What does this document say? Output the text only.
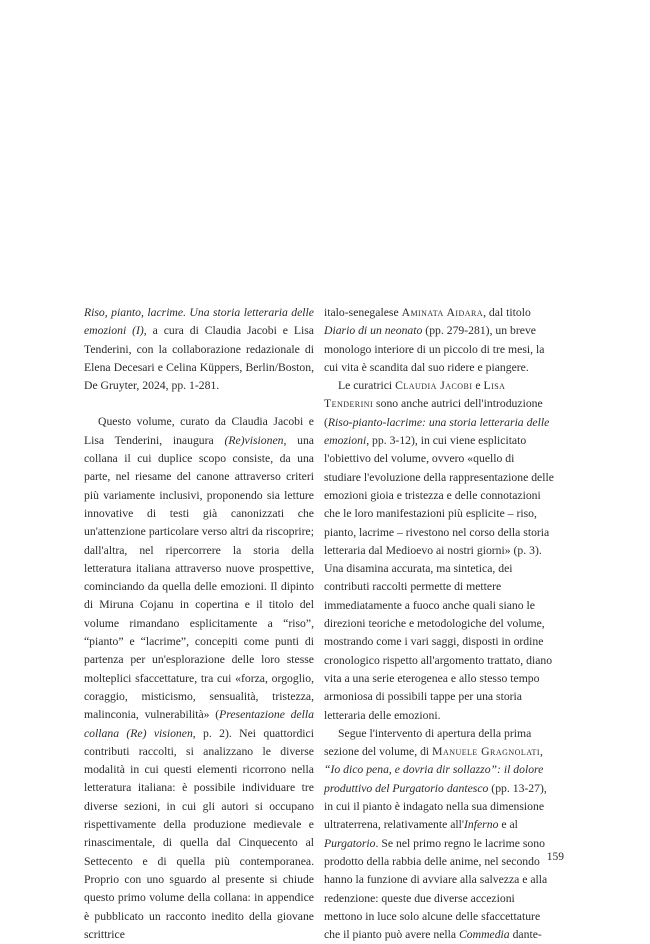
Riso, pianto, lacrime. Una storia letteraria delle emozioni (I), a cura di Claudia Jacobi e Lisa Tenderini, con la collaborazione redazionale di Elena Decesari e Celina Küppers, Berlin/Boston, De Gruyter, 2024, pp. 1-281.

Questo volume, curato da Claudia Jacobi e Lisa Tenderini, inaugura (Re)visionen, una collana il cui duplice scopo consiste, da una parte, nel riesame del canone attraverso criteri più variamente inclusivi, proponendo sia letture innovative di testi già canonizzati che un'attenzione particolare verso altri da riscoprire; dall'altra, nel ripercorrere la storia della letteratura italiana attraverso nuove prospettive, cominciando da quella delle emozioni. Il dipinto di Miruna Cojanu in copertina e il titolo del volume rimandano esplicitamente a “riso”, “pianto” e “lacrime”, concepiti come punti di partenza per un'esplorazione delle loro stesse molteplici sfaccettature, tra cui «forza, orgoglio, coraggio, misticismo, sensualità, tristezza, malinconia, vulnerabilità» (Presentazione della collana (Re) visionen, p. 2). Nei quattordici contributi raccolti, si analizzano le diverse modalità in cui questi elementi ricorrono nella letteratura italiana: è possibile individuare tre diverse sezioni, in cui gli autori si occupano rispettivamente della produzione medievale e rinascimentale, di quella dal Cinquecento al Settecento e di quella più contemporanea. Proprio con uno sguardo al presente si chiude questo primo volume della collana: in appendice è pubblicato un racconto inedito della giovane scrittrice

italo-senegalese Aminata Aidara, dal titolo Diario di un neonato (pp. 279-281), un breve monologo interiore di un piccolo di tre mesi, la cui vita è scandita dal suo ridere e piangere.

Le curatrici Claudia Jacobi e Lisa Tenderini sono anche autrici dell'introduzione (Riso-pianto-lacrime: una storia letteraria delle emozioni, pp. 3-12), in cui viene esplicitato l'obiettivo del volume, ovvero «quello di studiare l'evoluzione della rappresentazione delle emozioni gioia e tristezza e delle connotazioni che le loro manifestazioni più esplicite – riso, pianto, lacrime – rivestono nel corso della storia letteraria dal Medioevo ai nostri giorni» (p. 3). Una disamina accurata, ma sintetica, dei contributi raccolti permette di mettere immediatamente a fuoco anche quali siano le direzioni teoriche e metodologiche del volume, mostrando come i vari saggi, disposti in ordine cronologico rispetto all'argomento trattato, diano vita a una serie eterogenea e allo stesso tempo armoniosa di possibili tappe per una storia letteraria delle emozioni.

Segue l'intervento di apertura della prima sezione del volume, di Manuele Gragnolati, “Io dico pena, e dovria dir sollazzo”: il dolore produttivo del Purgatorio dantesco (pp. 13-27), in cui il pianto è indagato nella sua dimensione ultraterrena, relativamente all'Inferno e al Purgatorio. Se nel primo regno le lacrime sono prodotto della rabbia delle anime, nel secondo hanno la funzione di avviare alla salvezza e alla redenzione: queste due diverse accezioni mettono in luce solo alcune delle sfaccettature che il pianto può avere nella Commedia dante-

159
